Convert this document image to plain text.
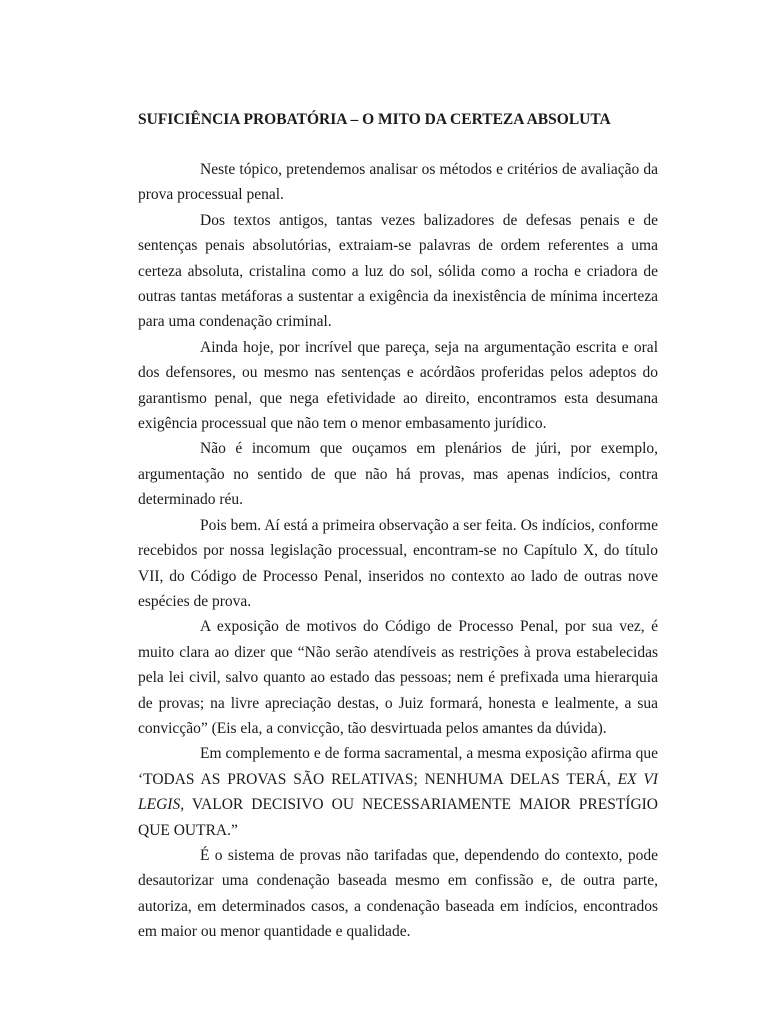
SUFICIÊNCIA PROBATÓRIA – O MITO DA CERTEZA ABSOLUTA

Neste tópico, pretendemos analisar os métodos e critérios de avaliação da prova processual penal.

Dos textos antigos, tantas vezes balizadores de defesas penais e de sentenças penais absolutórias, extraiam-se palavras de ordem referentes a uma certeza absoluta, cristalina como a luz do sol, sólida como a rocha e criadora de outras tantas metáforas a sustentar a exigência da inexistência de mínima incerteza para uma condenação criminal.

Ainda hoje, por incrível que pareça, seja na argumentação escrita e oral dos defensores, ou mesmo nas sentenças e acórdãos proferidas pelos adeptos do garantismo penal, que nega efetividade ao direito, encontramos esta desumana exigência processual que não tem o menor embasamento jurídico.

Não é incomum que ouçamos em plenários de júri, por exemplo, argumentação no sentido de que não há provas, mas apenas indícios, contra determinado réu.

Pois bem. Aí está a primeira observação a ser feita. Os indícios, conforme recebidos por nossa legislação processual, encontram-se no Capítulo X, do título VII, do Código de Processo Penal, inseridos no contexto ao lado de outras nove espécies de prova.

A exposição de motivos do Código de Processo Penal, por sua vez, é muito clara ao dizer que “Não serão atendíveis as restrições à prova estabelecidas pela lei civil, salvo quanto ao estado das pessoas; nem é prefixada uma hierarquia de provas; na livre apreciação destas, o Juiz formará, honesta e lealmente, a sua convicção” (Eis ela, a convicção, tão desvirtuada pelos amantes da dúvida).

Em complemento e de forma sacramental, a mesma exposição afirma que ‘TODAS AS PROVAS SÃO RELATIVAS; NENHUMA DELAS TERÁ, EX VI LEGIS, VALOR DECISIVO OU NECESSARIAMENTE MAIOR PRESTÍGIO QUE OUTRA.”

É o sistema de provas não tarifadas que, dependendo do contexto, pode desautorizar uma condenação baseada mesmo em confissão e, de outra parte, autoriza, em determinados casos, a condenação baseada em indícios, encontrados em maior ou menor quantidade e qualidade.
